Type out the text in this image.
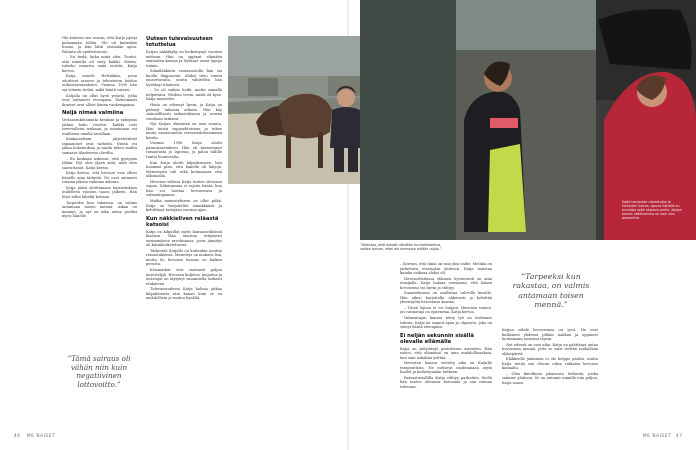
Olo kohensi sen verran, että Katja pystyi palaamaan töihin. Olo oli kuitenkin huono, ja hän lähti etsimään apua. Pahinta oli epätietoisuus.

– En tiedä, kuka minä olen. Tuntui, että minulta oli viety kaikki. Mietin, tuleeko minusta enää entistä, Katja kertoo.

Katja muutti Helsinkiin, jossa odottivat avioero ja tehostetun hoidon erikoissairaanhoito. Vuonna 1990 hän sai viimein tietää, mikä häntä vaivasi.

Katjalla on ollut hyvä ystäviä, jotka ovat auttaneet eteenpäin. Tärkeimmät ihmiset ovat olleet hänen vanhempansa.

Neljä nimeä valmiina

Vertaustukitoiminta kesäisin ja syksyisin jatkuu koko vuoden. Kaikki ovat tervetulleita mukaan, ja toimintaan voi osallistua omalla tavallaan.

Kuukausittain järjestettävät tapaamiset ovat tärkeitä. Niissä voi jakaa kokemuksia ja saada tukea muilta samassa tilanteessa olevilta.

– En koskaan uskonut, että pystyisin tähän. Nyt olen ylpeä siitä, mitä olen saavuttanut, Katja kertoo.

Katja kertoo, että hevoset ovat olleet hänelle aina tärkeitä. Ne ovat antaneet voimaa jaksaa vaikeina aikoina.

Katja pääsi aloittamaan harrastuksen uudelleen vuosien tauon jälkeen. Hän löysi tallin läheltä kotiaan.

Tarpeeksi kun rakastaa, on valmis antamaan toisen mennä. Aikaa on mennyt, ja nyt on aika antaa periksi myös hänelle.

”Tämä sairaus oli vähän niin kuin negatiivinen lottovoitto.”
Uuteen tulevaisuuteen totuttelua

Katjan näköikyky on heikentynyt vuosien mittaan. Hän on oppinut elämään sairauden kanssa ja löytänyt uusia tapoja toimia.

Silmälääkärin vastaanotolla hän sai kuulla diagnoosin. Aluksi tieto tuntui musertavalta, mutta vähitellen hän hyväksyi tilanteen.

– Se oli vaikea hetki, mutta samalla helpottava. Vihdoin tiesin, mistä oli kyse, Katja muistelee.

Hoito on edennyt hyvin, ja Katja on päässyt takaisin arkeen. Hän käy säännöllisesti tarkastuksissa ja seuraa vointiaan tarkasti.

Nyt Katjan elämässä on uusi suunta. Hän toimii vapaaehtoisena ja tukee muita sairastuneita vertaistukitoiminnan kautta.

Vuonna 1996 Katja aloitti pararatsastuksen. Hän oli harrastanut ratsastusta jo lapsena, ja paluu tallille tuntui luontevalta.

Kun Katja aloitti kilpailemisen, hän huomasi pian, että hänellä oli lahjoja. Menestystä tuli sekä kotimaassa että ulkomailla.

Hevosen selässä Katja tuntee olevansa vapaa. Näkövamma ei rajoita häntä, kun hän voi luottaa hevoseensa ja valmentajaansa.

Matka menestykseen on ollut pitkä. Katja on harjoitellut sinnikkäästi ja kehittänyt taitojaan vuosien ajan.

Kun näkkieliven reläastä katsoisi

Katja on kilpaillut myös kansainvälisissä kisoissa. Hän muistaa erityisesti ensimmäisen arvokisansa, jossa jännitys oli käsinkosketeltavaa.

Tärkeintä Katjalle on kuitenkin nauttia ratsastuksesta. Menestys on mukava lisä, mutta ilo hevosen kanssa on kaiken perusta.

Kisamatkat ovat vaatineet paljon järjestelyjä. Hevosen kuljetus, majoitus ja avustajat on täytynyt suunnitella tarkasti etukäteen.

Tulevaisuudessa Katja haluaa jatkaa kilpailemista niin kauan kuin se on mahdollista ja tuntuu hyvältä.

46 ME NAISET
”Ahdistaa, että meidät nähdään tunnistettomina, vaikka tunnen, ettei ole olemassa mitään rajoja.”
Katja harrastaa ratsastusta ja hevosten hoitoa. Apuna hänellä on avustaja sekä ohjaava perhe. Katjan kaunis näkövamma on vain viisi prosenttia.

– Kerroin, että tämä on vain yksi vaihe. Meidän on jatkettava eteenpäin yhdessä. Katja muistaa kuinka vaikeaa aluksi oli.

Hevosurheilussa eläimen hyvinvointi on aina etusijalla. Katja haluaa varmistaa, että hänen hevosensa voi hyvin ja viihtyy.

Sunnitelmissa on osallistua tuleville kisoille. Hän aikoo harjoitella ahkerasti ja kehittää yhteistyötä hevosensa kanssa.

– Tässä lajissa ei voi huijata. Hevonen tuntee, jos ratsastaja on epävarma, Katja kertoo.

Valmentajan kanssa tehty työ on tuottanut tulosta. Katja on saanut apua ja ohjausta, joka on vienyt häntä eteenpäin.

Ei neljän sekunnin sisällä olevalle ellämälle

Katja on säilyttänyt positiivisen asenteen. Hän uskoo, että elämässä on aina mahdollisuuksia, kun vain uskaltaa yrittää.

Hevosten kanssa vietetty aika on Katjalle terapeuttista. Ne auttavat unohtamaan arjen huolet ja keskittymään hetkeen.

Ratsastustallilla Katja viihtyy parhaiten. Siellä hän tuntee olevansa kotonaan ja saa voimaa tulevaan.

”Tarpeeksi kun rakastaa, on valmis antamaan toisen mennä.”

Katjan suhde hevoseensa on syvä. He ovat kulkeneet yhdessä pitkän matkan ja oppineet luottamaan toisiinsa täysin.

Nyt edessä on uusi aika. Katja on päättänyt antaa hevosensa mennä, jotta se saisi viettää rauhallisia eläkepäiviä.

Eläkkeelle jääminen ei ole helppo päätös, mutta Katja tietää sen olevan oikea ratkaisu hevosen kannalta.

– Olen kiitollinen jokaisesta hetkestä, jonka saimme yhdessä. Se on antanut minulle niin paljon, Katja sanoo.

ME NAISET 47
